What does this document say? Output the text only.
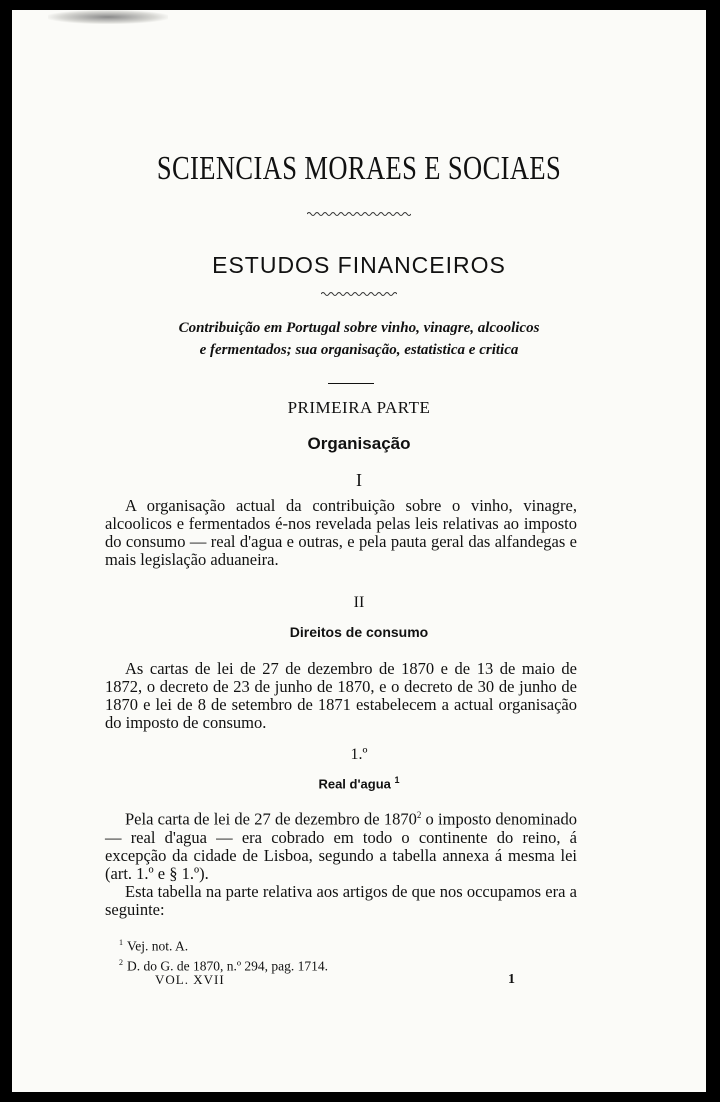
SCIENCIAS MORAES E SOCIAES
ESTUDOS FINANCEIROS
Contribuição em Portugal sobre vinho, vinagre, alcoolicos
e fermentados; sua organisação, estatistica e critica
PRIMEIRA PARTE
Organisação
I

A organisação actual da contribuição sobre o vinho, vinagre, alcoolicos e fermentados é-nos revelada pelas leis relativas ao imposto do consumo — real d'agua e outras, e pela pauta geral das alfandegas e mais legislação aduaneira.

II
Direitos de consumo

As cartas de lei de 27 de dezembro de 1870 e de 13 de maio de 1872, o decreto de 23 de junho de 1870, e o decreto de 30 de junho de 1870 e lei de 8 de setembro de 1871 estabelecem a actual organisação do imposto de consumo.

1.º
Real d'agua $^1$

Pela carta de lei de 27 de dezembro de 1870$^2$ o imposto denominado — real d'agua — era cobrado em todo o continente do reino, á excepção da cidade de Lisboa, segundo a tabella annexa á mesma lei (art. 1.º e § 1.º).

Esta tabella na parte relativa aos artigos de que nos occupamos era a seguinte:

$^1$ Vej. not. A.
$^2$ D. do G. de 1870, n.º 294, pag. 1714.
VOL. XVII	1
